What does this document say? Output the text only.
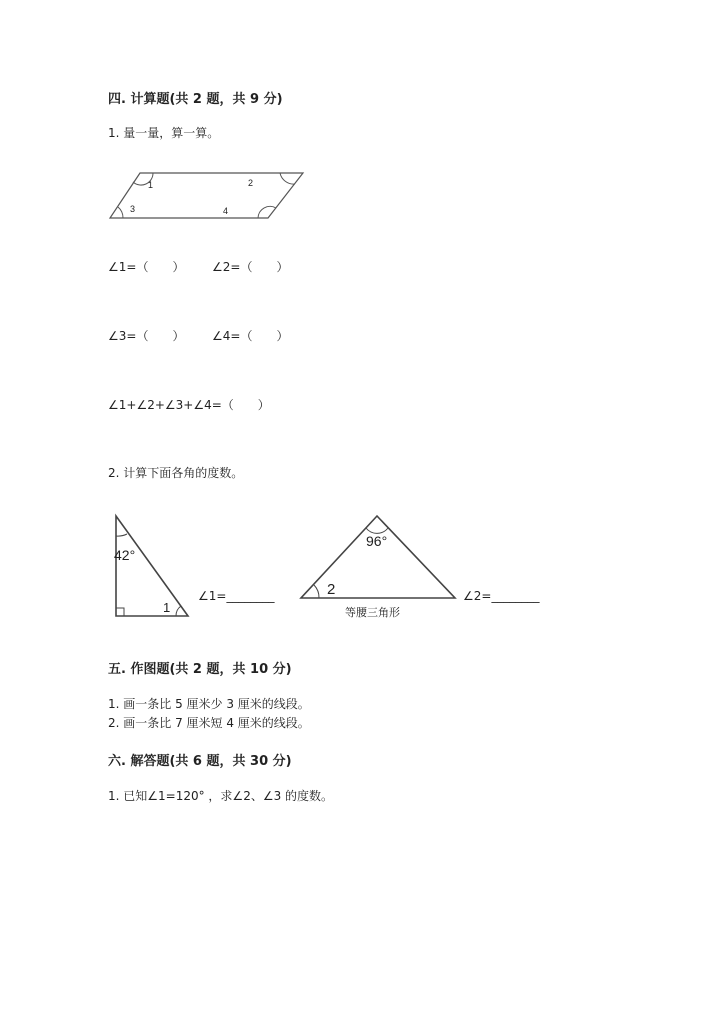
四. 计算题(共 2 题，共 9 分)
1. 量一量，算一算。
1	2
3	4
∠1=（　　） ∠2=（　　）
∠3=（　　） ∠4=（　　）
∠1+∠2+∠3+∠4=（　　）
2. 计算下面各角的度数。
42°
1
∠1=________
96°
2
等腰三角形
∠2=________
五. 作图题(共 2 题，共 10 分)
1. 画一条比 5 厘米少 3 厘米的线段。
2. 画一条比 7 厘米短 4 厘米的线段。
六. 解答题(共 6 题，共 30 分)
1. 已知∠1=120° ，求∠2、∠3 的度数。
